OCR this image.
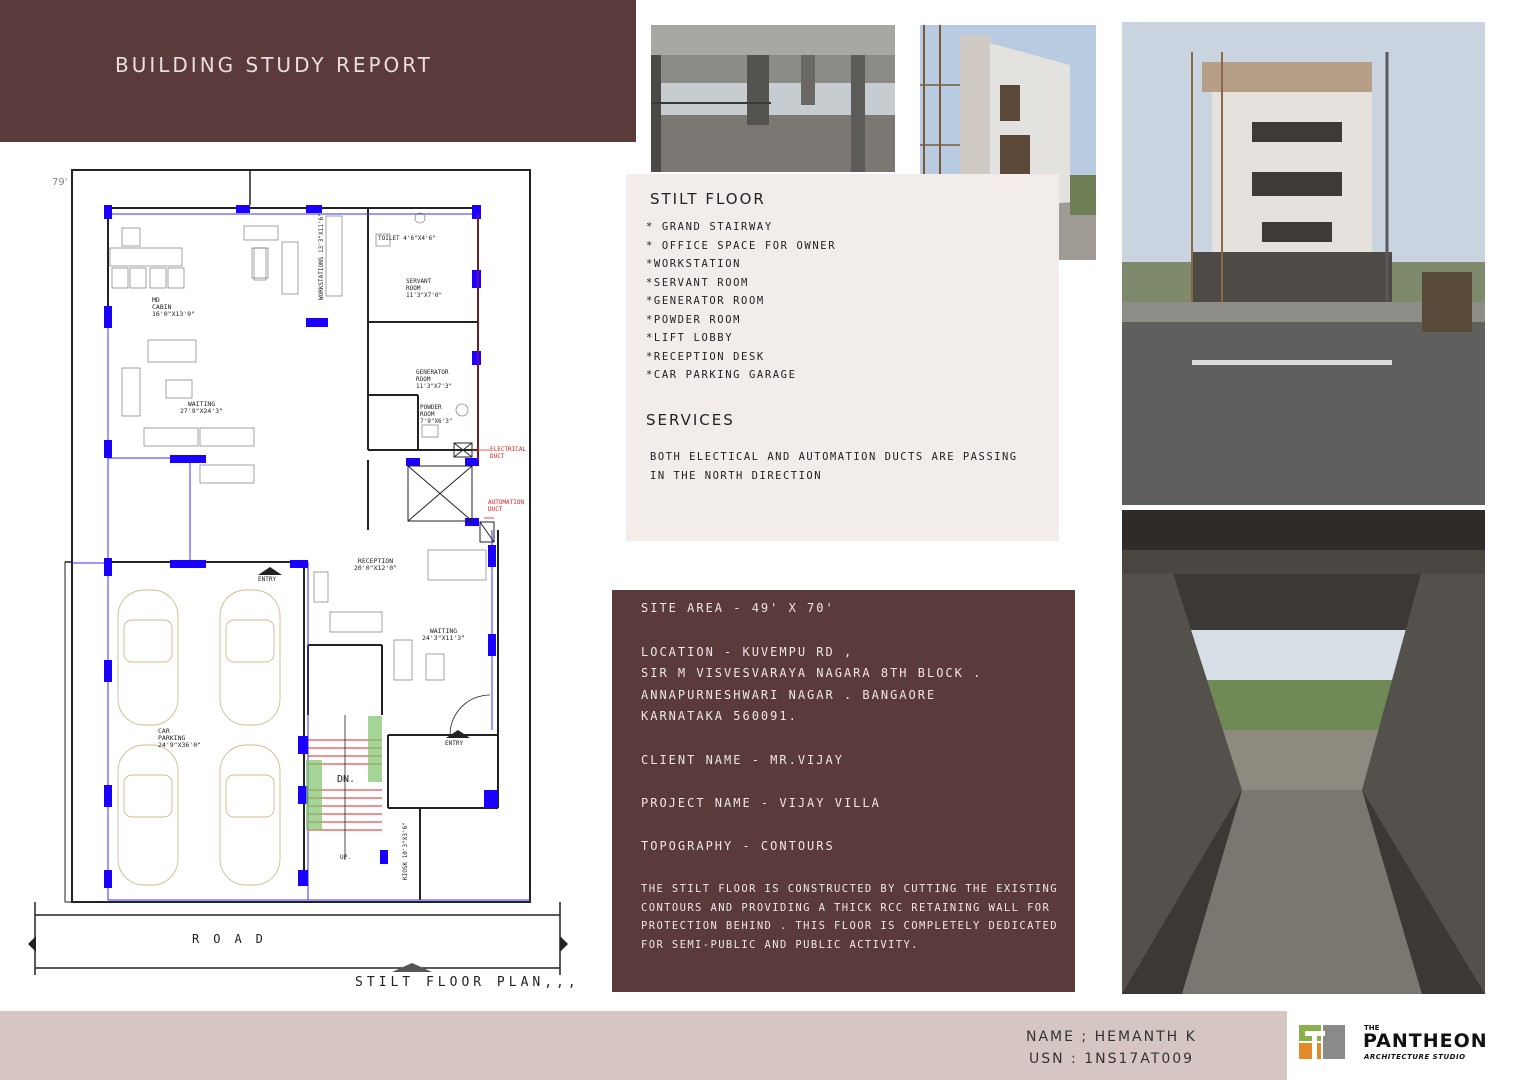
BUILDING STUDY REPORT
79'
MD
CABIN
16'0"X13'0"
WORKSTATIONS 13'3"X11'6"	TOILET 4'6"X4'6"
SERVANT
ROOM
11'3"X7'0"
GENERATOR
ROOM
11'3"X7'3"
POWDER
ROOM
7'9"X6'3"
WAITING
27'9"X24'3"
ELECTRICAL
DUCT
AUTOMATION
DUCT
RECEPTION
20'0"X12'0"
WAITING
24'3"X11'3"
CAR
PARKING
24'9"X36'0"
KIOSK 10'3"X3'6"
ENTRY
ENTRY
DN.
UP.
ROAD
STILT FLOOR PLAN,,,
STILT FLOOR
* GRAND STAIRWAY
* OFFICE SPACE FOR OWNER
*WORKSTATION
*SERVANT ROOM
*GENERATOR ROOM
*POWDER ROOM
*LIFT LOBBY
*RECEPTION DESK
*CAR PARKING GARAGE
SERVICES
BOTH ELECTICAL AND AUTOMATION DUCTS ARE PASSING IN THE NORTH DIRECTION
SITE AREA - 49' X 70'
LOCATION - KUVEMPU RD ,
SIR M VISVESVARAYA NAGARA 8TH BLOCK .
ANNAPURNESHWARI NAGAR . BANGAORE
KARNATAKA 560091.
CLIENT NAME - MR.VIJAY
PROJECT NAME - VIJAY VILLA
TOPOGRAPHY - CONTOURS
THE STILT FLOOR IS CONSTRUCTED BY CUTTING THE EXISTING CONTOURS AND PROVIDING A THICK RCC RETAINING WALL FOR PROTECTION BEHIND . THIS FLOOR IS COMPLETELY DEDICATED FOR SEMI-PUBLIC AND PUBLIC ACTIVITY.
NAME ; HEMANTH K
USN : 1NS17AT009
THE
PANTHEON
ARCHITECTURE STUDIO
